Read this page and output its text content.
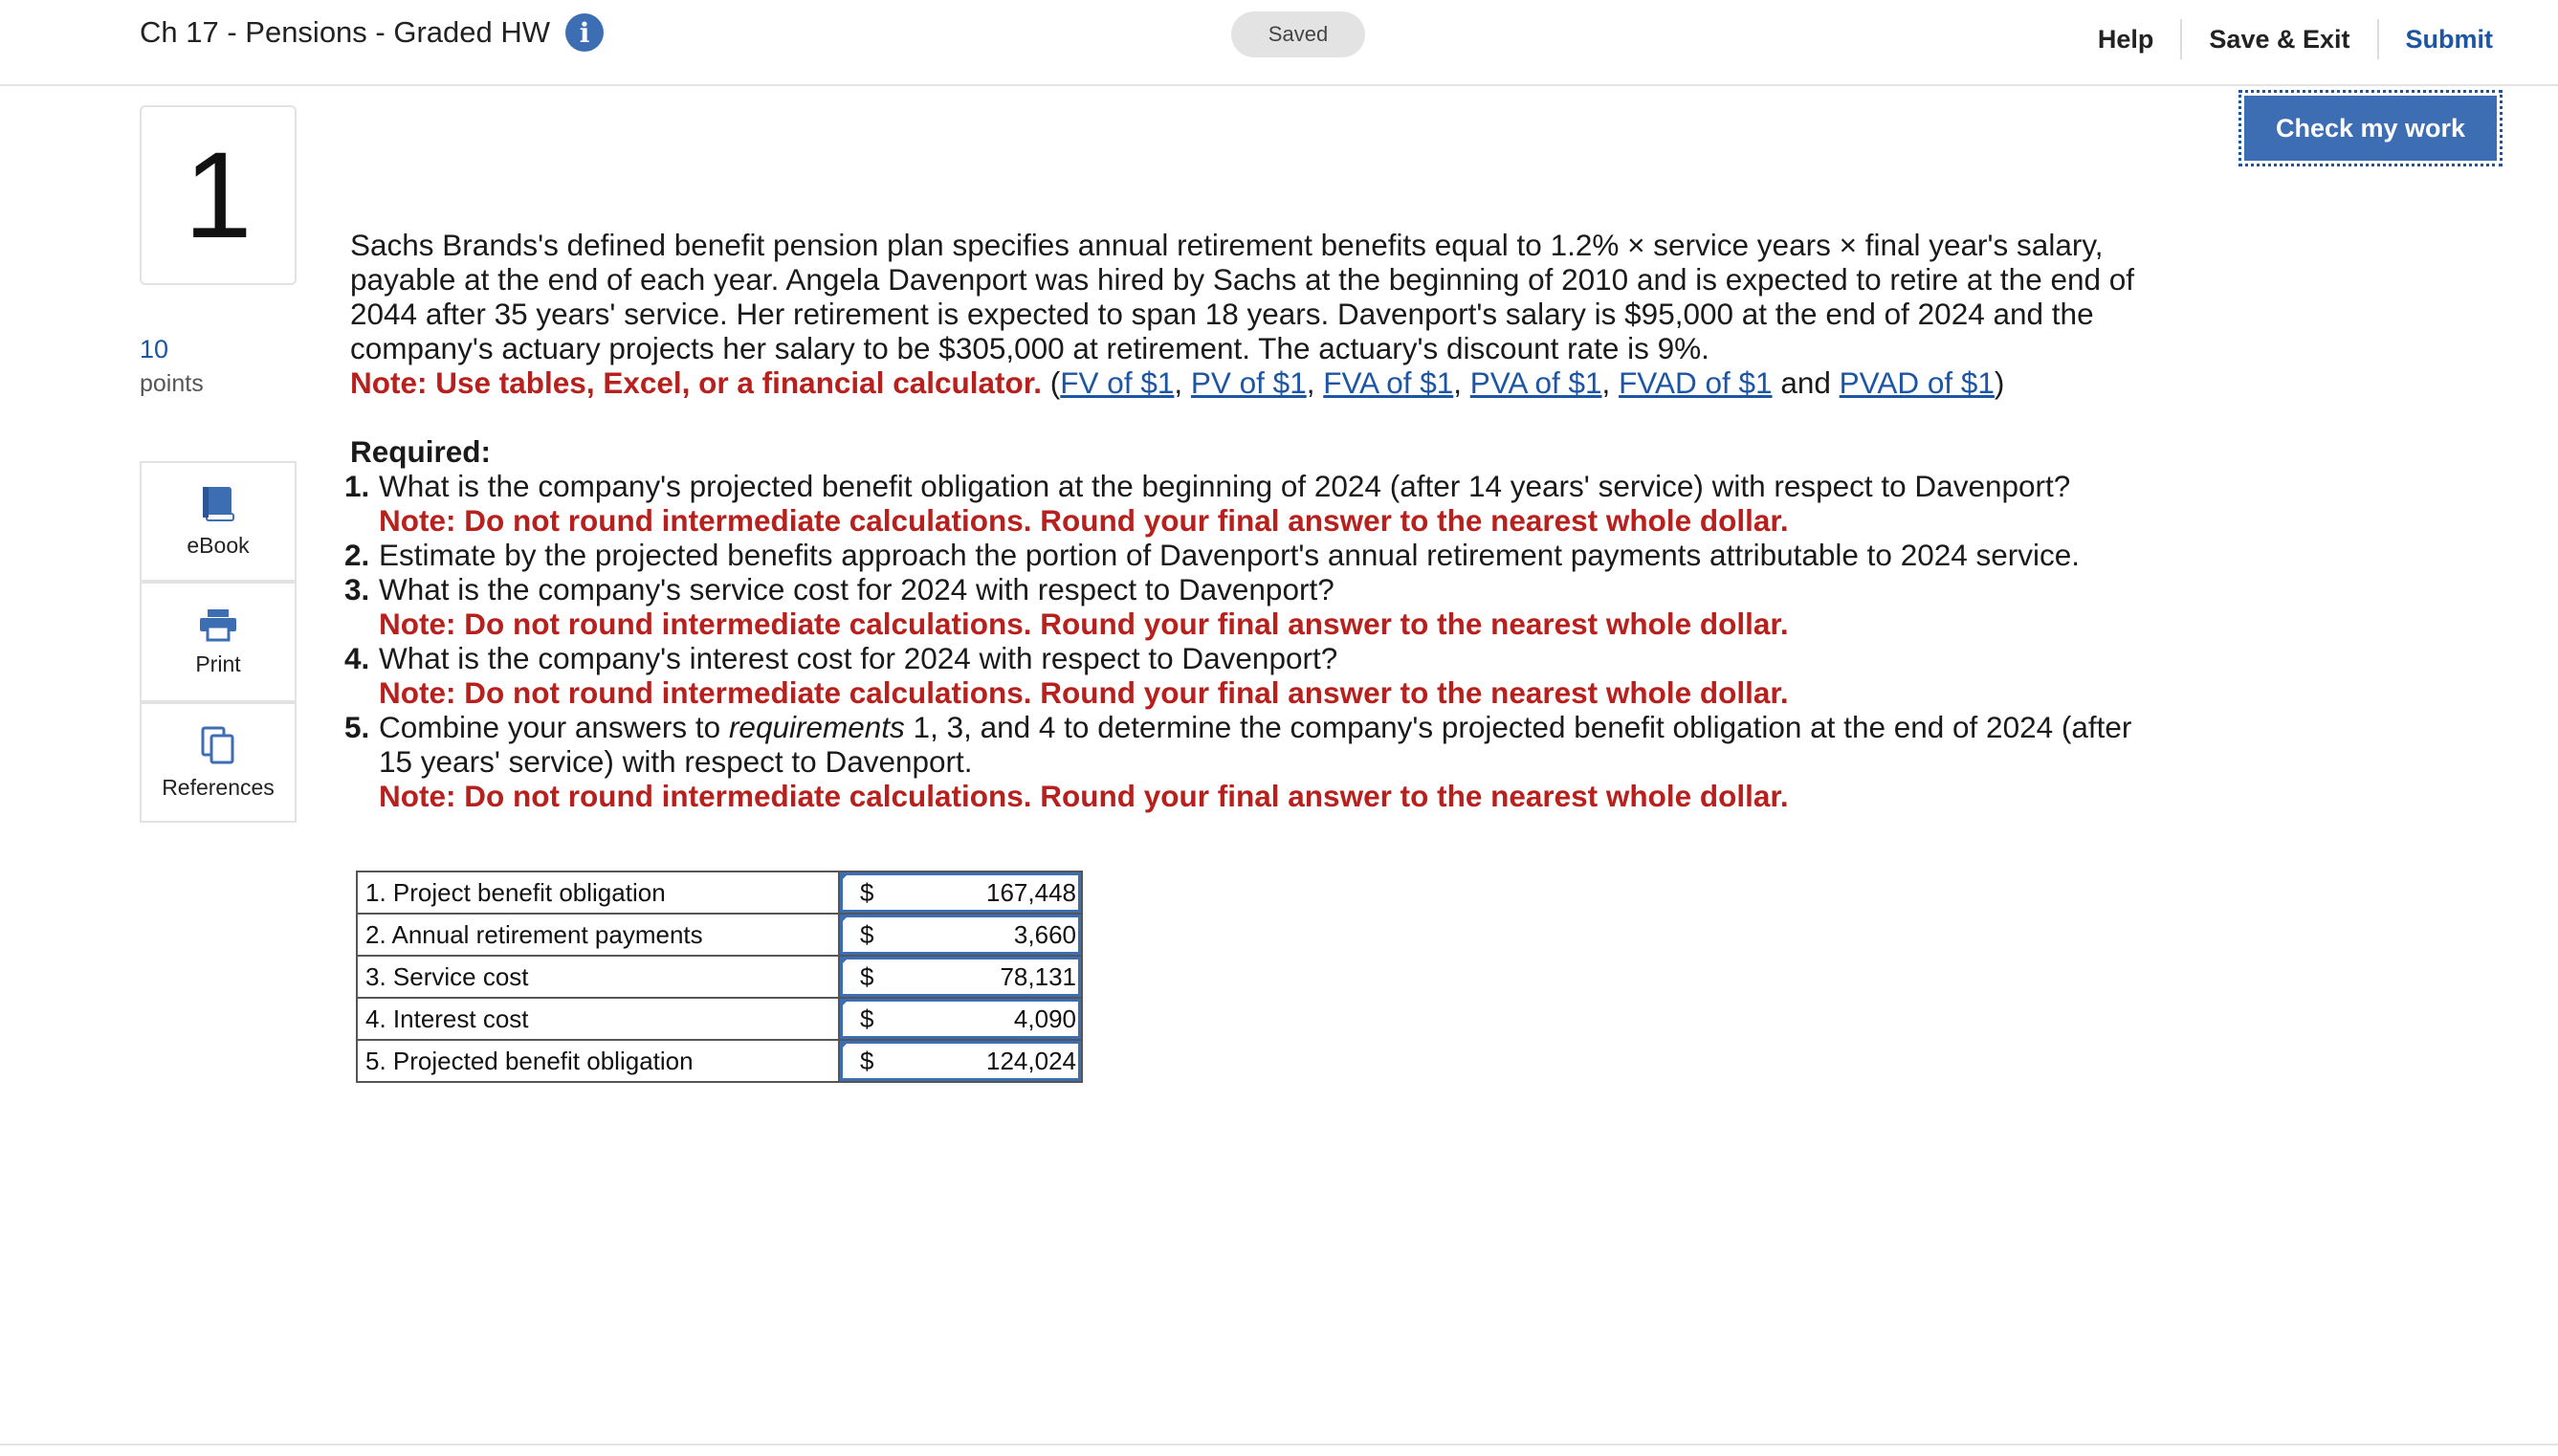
Ch 17 - Pensions - Graded HW	i	Saved	Help	Save & Exit	Submit
Check my work
1
10
points
eBook
Print
References
Sachs Brands's defined benefit pension plan specifies annual retirement benefits equal to 1.2% × service years × final year's salary, payable at the end of each year. Angela Davenport was hired by Sachs at the beginning of 2010 and is expected to retire at the end of 2044 after 35 years' service. Her retirement is expected to span 18 years. Davenport's salary is $95,000 at the end of 2024 and the company's actuary projects her salary to be $305,000 at retirement. The actuary's discount rate is 9%.
Note: Use tables, Excel, or a financial calculator. (FV of $1, PV of $1, FVA of $1, PVA of $1, FVAD of $1 and PVAD of $1)
Required:
1. What is the company's projected benefit obligation at the beginning of 2024 (after 14 years' service) with respect to Davenport?
Note: Do not round intermediate calculations. Round your final answer to the nearest whole dollar.
2. Estimate by the projected benefits approach the portion of Davenport's annual retirement payments attributable to 2024 service.
3. What is the company's service cost for 2024 with respect to Davenport?
Note: Do not round intermediate calculations. Round your final answer to the nearest whole dollar.
4. What is the company's interest cost for 2024 with respect to Davenport?
Note: Do not round intermediate calculations. Round your final answer to the nearest whole dollar.
5. Combine your answers to requirements 1, 3, and 4 to determine the company's projected benefit obligation at the end of 2024 (after 15 years' service) with respect to Davenport.
Note: Do not round intermediate calculations. Round your final answer to the nearest whole dollar.
1. Project benefit obligation	$ 167,448

2. Annual retirement payments	$ 3,660

3. Service cost	$ 78,131

4. Interest cost	$ 4,090

5. Projected benefit obligation	$ 124,024
